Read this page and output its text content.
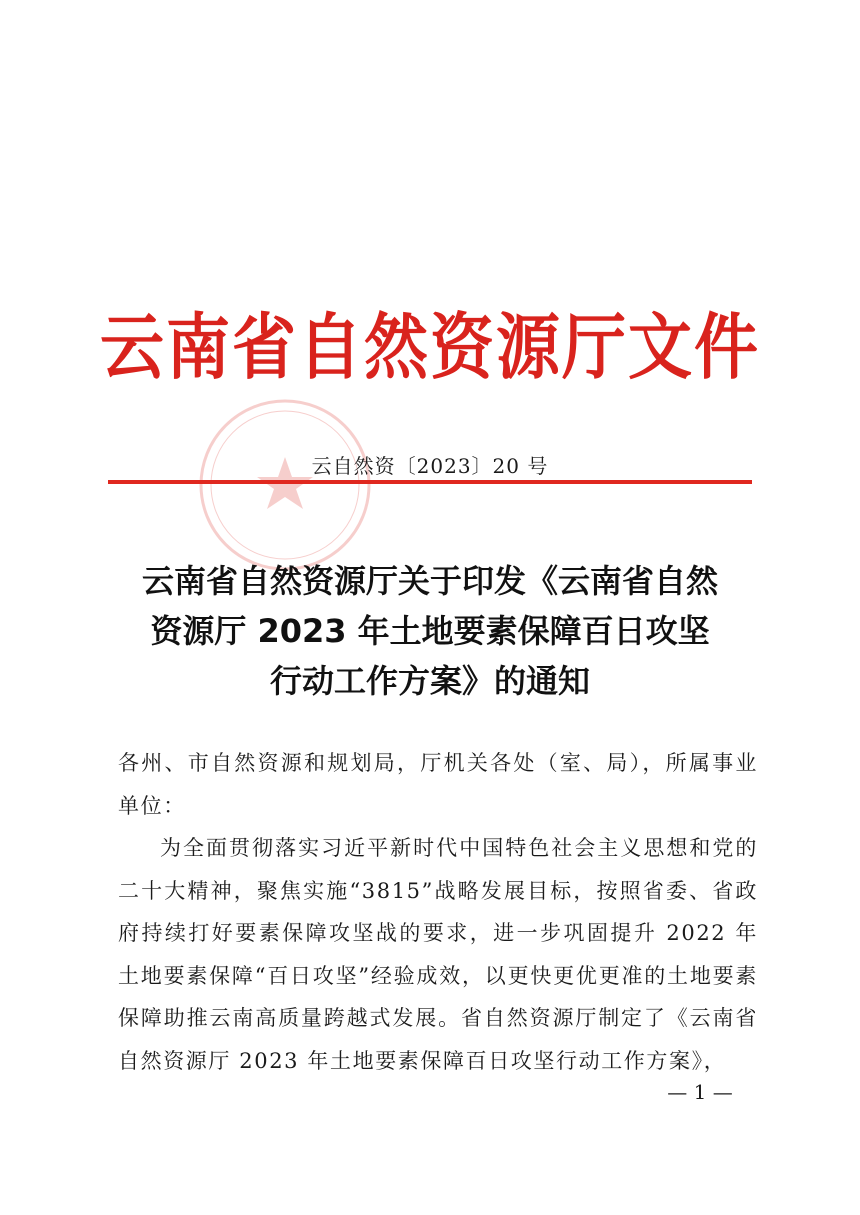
云南省自然资源厅文件
云自然资〔2023〕20 号
云南省自然资源厅关于印发《云南省自然
资源厅 2023 年土地要素保障百日攻坚
行动工作方案》的通知

各州、市自然资源和规划局，厅机关各处（室、局），所属事业单位：

为全面贯彻落实习近平新时代中国特色社会主义思想和党的二十大精神，聚焦实施“3815”战略发展目标，按照省委、省政府持续打好要素保障攻坚战的要求，进一步巩固提升 2022 年土地要素保障“百日攻坚”经验成效，以更快更优更准的土地要素保障助推云南高质量跨越式发展。省自然资源厅制定了《云南省自然资源厅 2023 年土地要素保障百日攻坚行动工作方案》，

— 1 —
